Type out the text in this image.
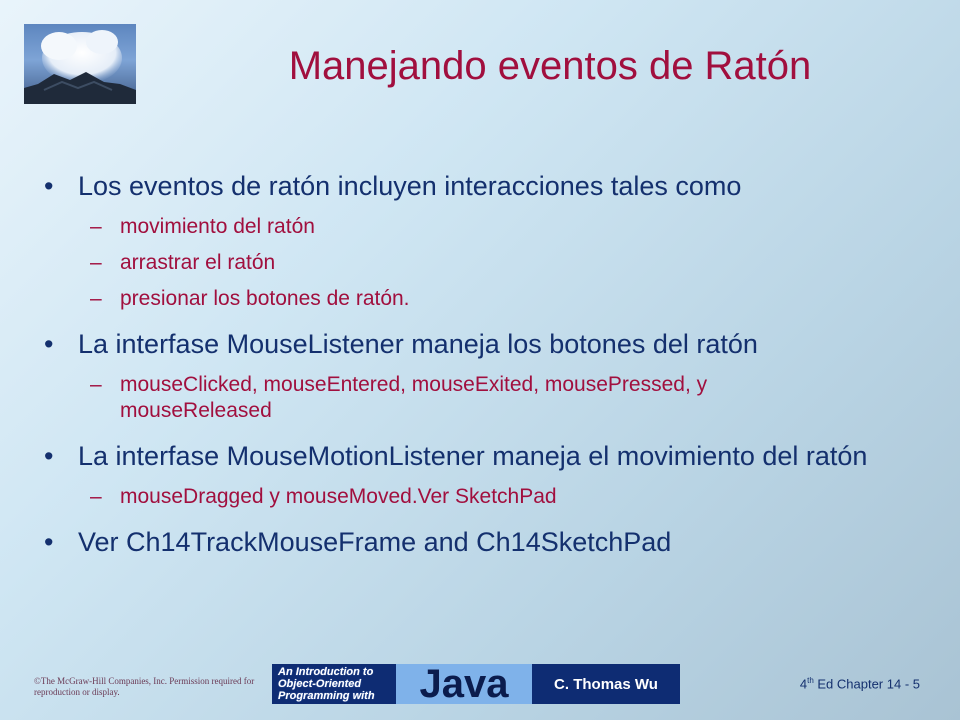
Manejando eventos de Ratón
• Los eventos de ratón incluyen interacciones tales como
– movimiento del ratón
– arrastrar el ratón
– presionar los botones de ratón.
• La interfase MouseListener maneja los botones del ratón
– mouseClicked, mouseEntered, mouseExited, mousePressed, y mouseReleased
• La interfase MouseMotionListener maneja el movimiento del ratón
– mouseDragged y mouseMoved.Ver SketchPad
• Ver Ch14TrackMouseFrame and Ch14SketchPad
©The McGraw-Hill Companies, Inc. Permission required for reproduction or display.
An Introduction to
Object-Oriented
Programming with	Java	C. Thomas Wu	4th Ed Chapter 14 - 5
